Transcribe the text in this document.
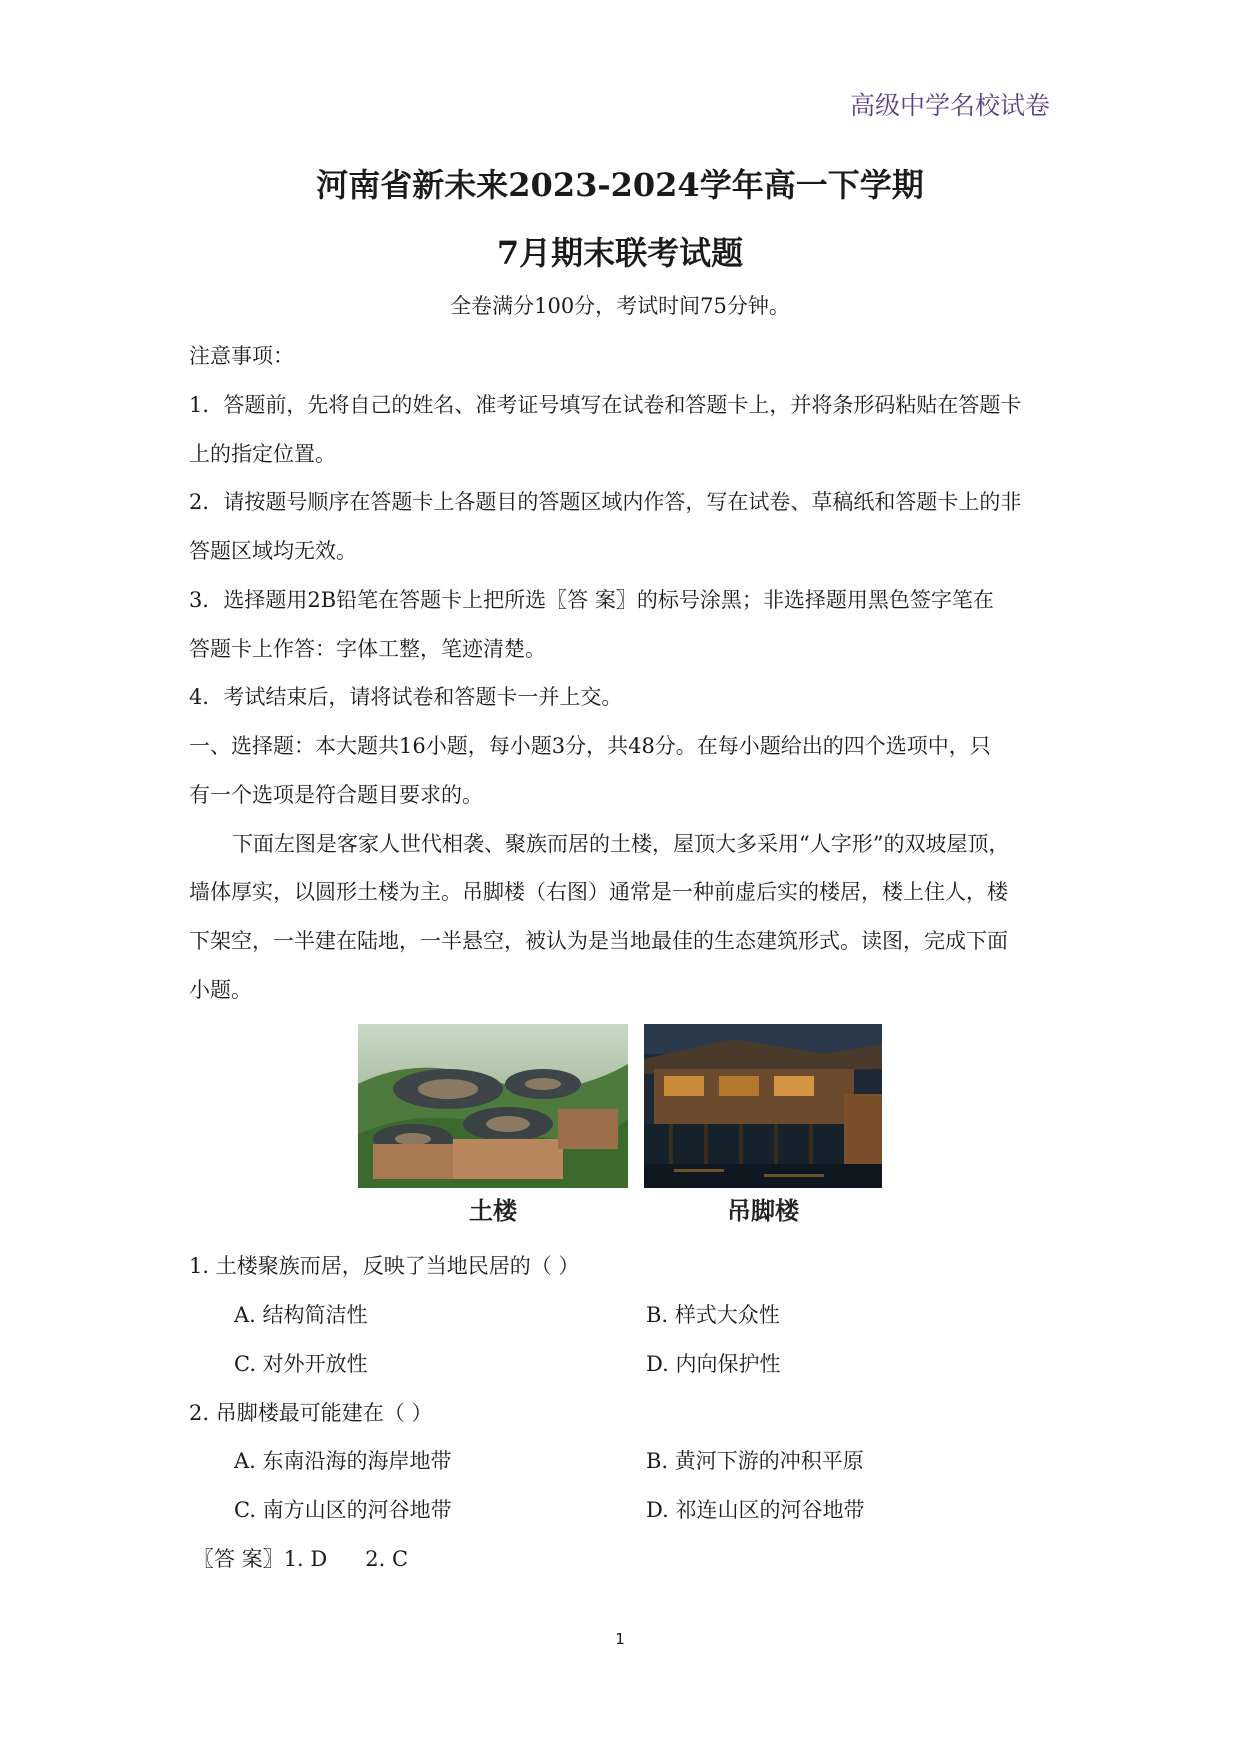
高级中学名校试卷
河南省新未来2023-2024学年高一下学期
7月期末联考试题
全卷满分100分，考试时间75分钟。
注意事项：
1．答题前，先将自己的姓名、准考证号填写在试卷和答题卡上，并将条形码粘贴在答题卡
上的指定位置。
2．请按题号顺序在答题卡上各题目的答题区域内作答，写在试卷、草稿纸和答题卡上的非
答题区域均无效。
3．选择题用2B铅笔在答题卡上把所选〖答 案〗的标号涂黑；非选择题用黑色签字笔在
答题卡上作答：字体工整，笔迹清楚。
4．考试结束后，请将试卷和答题卡一并上交。
一、选择题：本大题共16小题，每小题3分，共48分。在每小题给出的四个选项中，只
有一个选项是符合题目要求的。
下面左图是客家人世代相袭、聚族而居的土楼，屋顶大多采用“人字形”的双坡屋顶，
墙体厚实，以圆形土楼为主。吊脚楼（右图）通常是一种前虚后实的楼居，楼上住人，楼
下架空，一半建在陆地，一半悬空，被认为是当地最佳的生态建筑形式。读图，完成下面
小题。
土楼	吊脚楼
1. 土楼聚族而居，反映了当地民居的（ ）
A. 结构简洁性	B. 样式大众性
C. 对外开放性	D. 内向保护性
2. 吊脚楼最可能建在（ ）
A. 东南沿海的海岸地带	B. 黄河下游的冲积平原
C. 南方山区的河谷地带	D. 祁连山区的河谷地带
〖答 案〗1. D 2. C
1
